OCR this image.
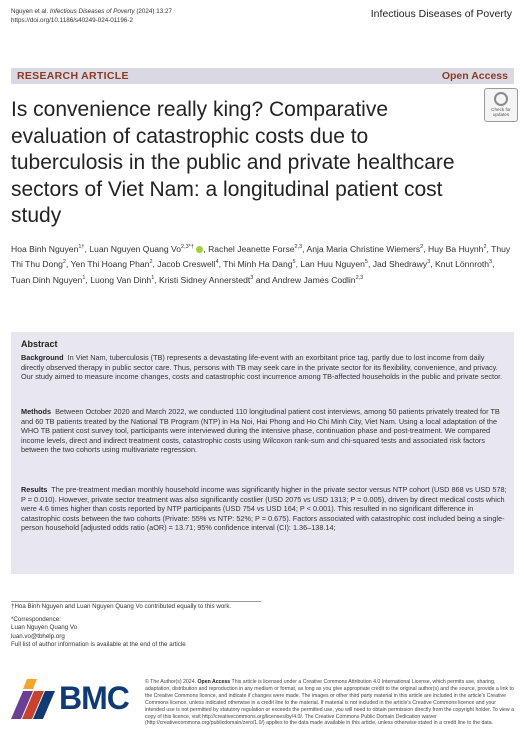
Nguyen et al. Infectious Diseases of Poverty (2024) 13:27
https://doi.org/10.1186/s40249-024-01196-2
Infectious Diseases of Poverty
RESEARCH ARTICLE	Open Access
Check for updates
Is convenience really king? Comparative evaluation of catastrophic costs due to tuberculosis in the public and private healthcare sectors of Viet Nam: a longitudinal patient cost study
Hoa Binh Nguyen$^{1\dagger}$, Luan Nguyen Quang $Vo^{2,3*\dagger}$ , Rachel Jeanette Forse$^{2,3}$, Anja Maria Christine Wiemers$^2$, Huy Ba Huynh$^2$, Thuy Thi Thu Dong$^2$, Yen Thi Hoang Phan$^2$, Jacob Creswell$^4$, Thi Minh Ha Dang$^5$, Lan Huu Nguyen$^5$, Jad Shedrawy$^3$, Knut Lönnroth$^3$, Tuan Dinh Nguyen$^1$, Luong Van Dinh$^1$, Kristi Sidney Annerstedt$^3$ and Andrew James Codlin$^{2,3}$
Abstract
Background In Viet Nam, tuberculosis (TB) represents a devastating life-event with an exorbitant price tag, partly due to lost income from daily directly observed therapy in public sector care. Thus, persons with TB may seek care in the private sector for its flexibility, convenience, and privacy. Our study aimed to measure income changes, costs and catastrophic cost incurrence among TB-affected households in the public and private sector.
Methods Between October 2020 and March 2022, we conducted 110 longitudinal patient cost interviews, among 50 patients privately treated for TB and 60 TB patients treated by the National TB Program (NTP) in Ha Noi, Hai Phong and Ho Chi Minh City, Viet Nam. Using a local adaptation of the WHO TB patient cost survey tool, participants were interviewed during the intensive phase, continuation phase and post-treatment. We compared income levels, direct and indirect treatment costs, catastrophic costs using Wilcoxon rank-sum and chi-squared tests and associated risk factors between the two cohorts using multivariate regression.
Results The pre-treatment median monthly household income was significantly higher in the private sector versus NTP cohort (USD 868 vs USD 578; P = 0.010). However, private sector treatment was also significantly costlier (USD 2075 vs USD 1313; P = 0.005), driven by direct medical costs which were 4.6 times higher than costs reported by NTP participants (USD 754 vs USD 164; P < 0.001). This resulted in no significant difference in catastrophic costs between the two cohorts (Private: 55% vs NTP: 52%; P = 0.675). Factors associated with catastrophic cost included being a single-person household [adjusted odds ratio (aOR) = 13.71; 95% confidence interval (CI): 1.36–138.14;
†Hoa Binh Nguyen and Luan Nguyen Quang Vo contributed equally to this work.
*Correspondence:
Luan Nguyen Quang Vo
luan.vo@tbhelp.org
Full list of author information is available at the end of the article
BMC	© The Author(s) 2024. Open Access This article is licensed under a Creative Commons Attribution 4.0 International License, which permits use, sharing, adaptation, distribution and reproduction in any medium or format, as long as you give appropriate credit to the original author(s) and the source, provide a link to the Creative Commons licence, and indicate if changes were made. The images or other third party material in this article are included in the article's Creative Commons licence, unless indicated otherwise in a credit line to the material. If material is not included in the article's Creative Commons licence and your intended use is not permitted by statutory regulation or exceeds the permitted use, you will need to obtain permission directly from the copyright holder. To view a copy of this licence, visit http://creativecommons.org/licenses/by/4.0/. The Creative Commons Public Domain Dedication waiver (http://creativecommons.org/publicdomain/zero/1.0/) applies to the data made available in this article, unless otherwise stated in a credit line to the data.
